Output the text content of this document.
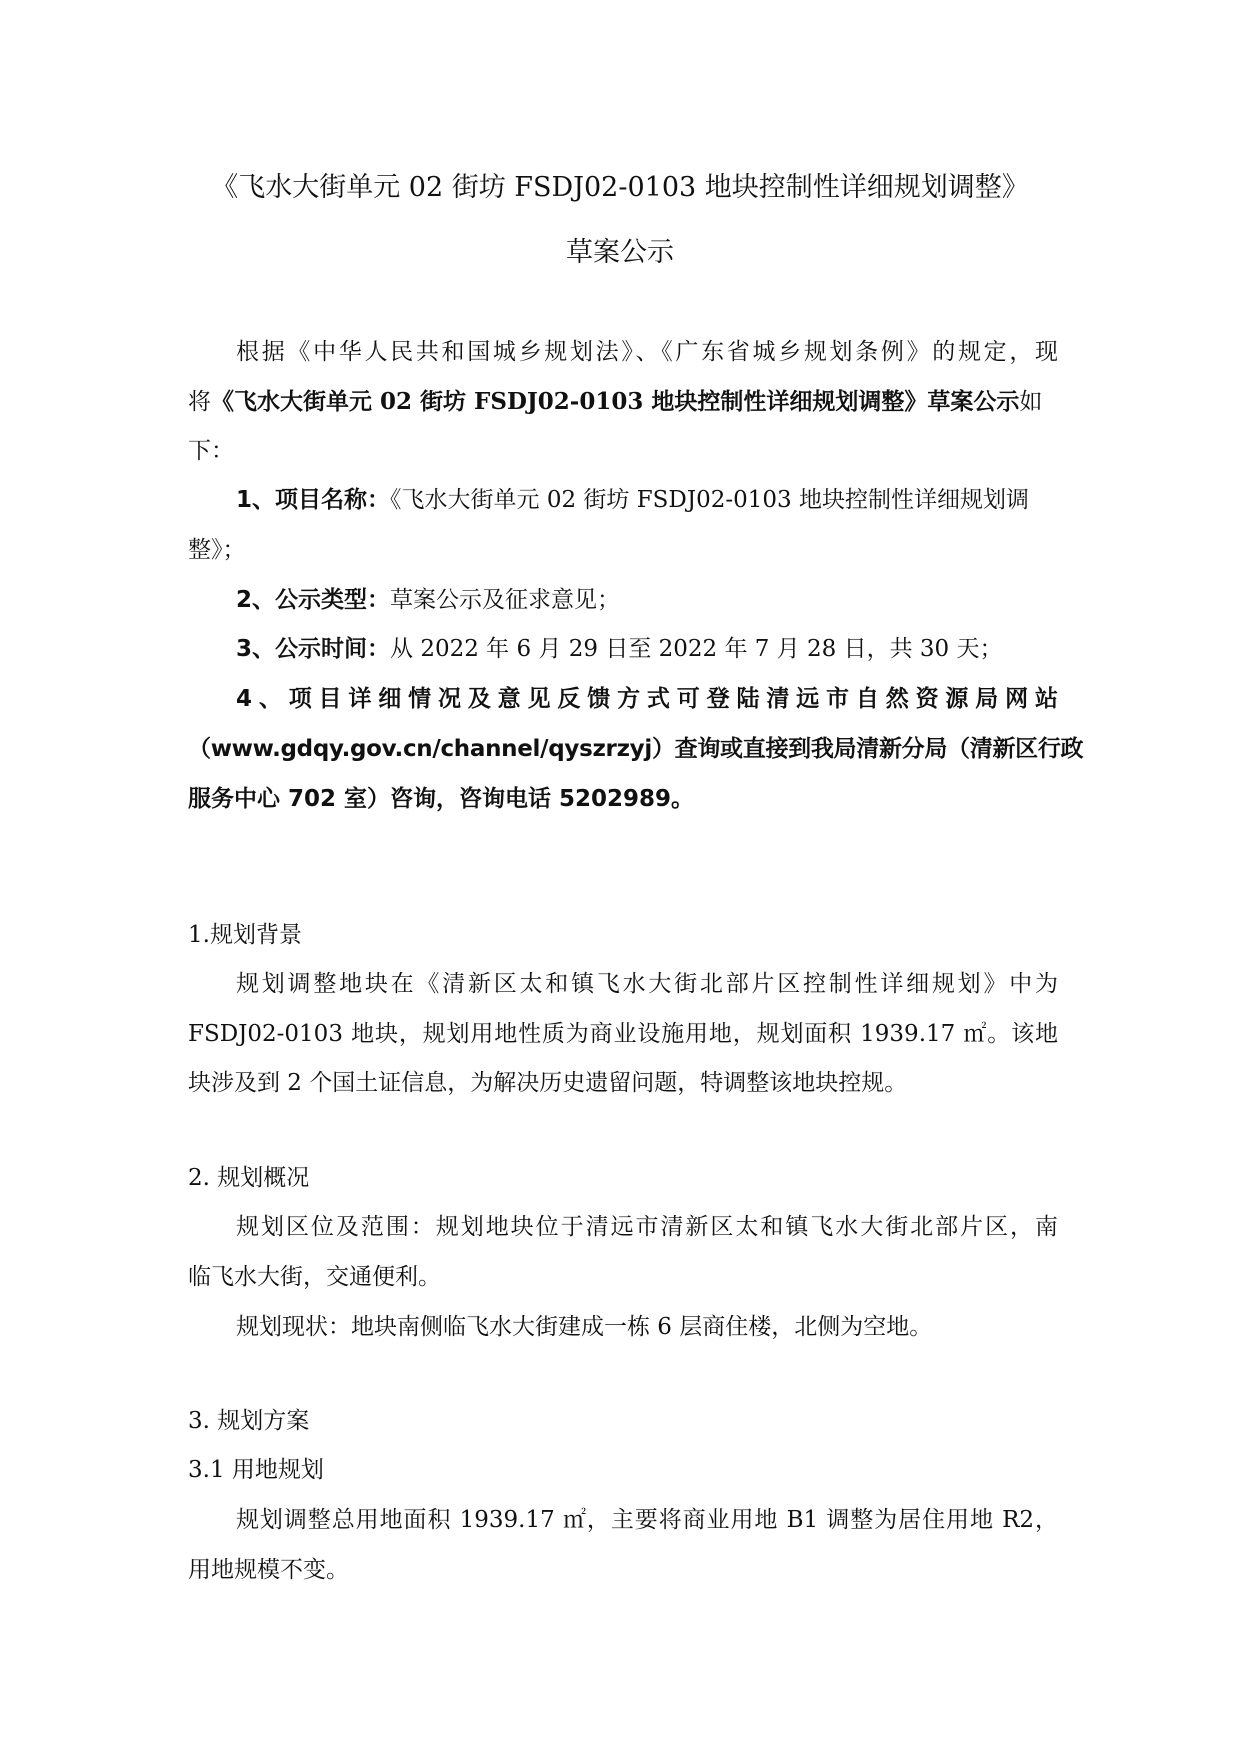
《飞水大街单元 02 街坊 FSDJ02-0103 地块控制性详细规划调整》
草案公示
根据《中华人民共和国城乡规划法》、《广东省城乡规划条例》的规定，现
将《飞水大街单元 02 街坊 FSDJ02-0103 地块控制性详细规划调整》草案公示如
下：
1、项目名称：《飞水大街单元 02 街坊 FSDJ02-0103 地块控制性详细规划调
整》；
2、公示类型：草案公示及征求意见；
3、公示时间：从 2022 年 6 月 29 日至 2022 年 7 月 28 日，共 30 天；
4、项目详细情况及意见反馈方式可登陆清远市自然资源局网站
（www.gdqy.gov.cn/channel/qyszrzyj）查询或直接到我局清新分局（清新区行政
服务中心 702 室）咨询，咨询电话 5202989。
1.规划背景
规划调整地块在《清新区太和镇飞水大街北部片区控制性详细规划》中为
FSDJ02-0103 地块，规划用地性质为商业设施用地，规划面积 1939.17 ㎡。该地
块涉及到 2 个国土证信息，为解决历史遗留问题，特调整该地块控规。
2. 规划概况
规划区位及范围：规划地块位于清远市清新区太和镇飞水大街北部片区，南
临飞水大街，交通便利。
规划现状：地块南侧临飞水大街建成一栋 6 层商住楼，北侧为空地。
3. 规划方案
3.1 用地规划
规划调整总用地面积 1939.17 ㎡，主要将商业用地 B1 调整为居住用地 R2，
用地规模不变。
